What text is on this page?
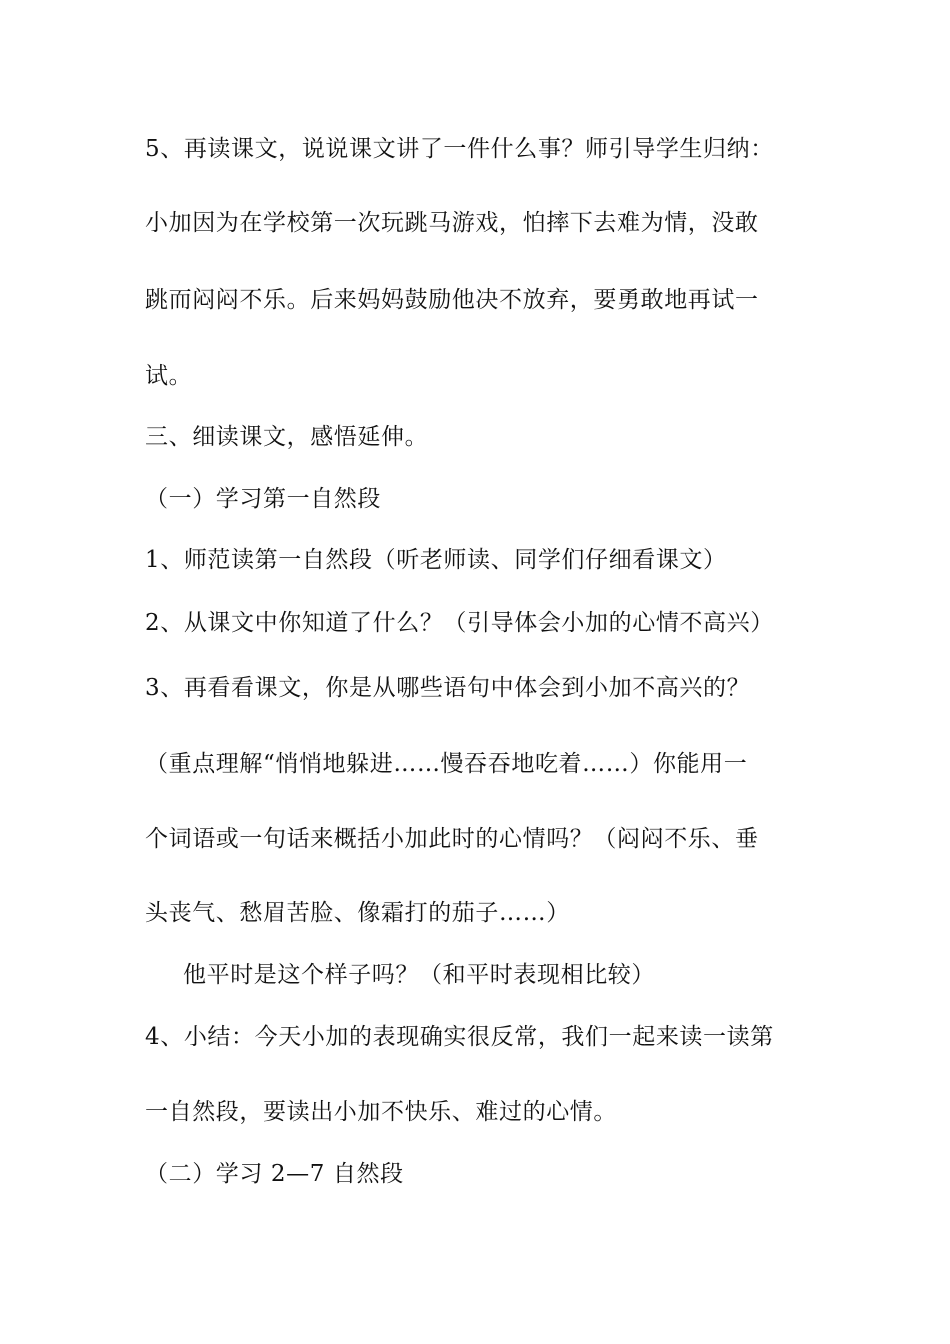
5、再读课文，说说课文讲了一件什么事？师引导学生归纳：
小加因为在学校第一次玩跳马游戏，怕摔下去难为情，没敢
跳而闷闷不乐。后来妈妈鼓励他决不放弃，要勇敢地再试一
试。
三、细读课文，感悟延伸。
（一）学习第一自然段
1、师范读第一自然段（听老师读、同学们仔细看课文）
2、从课文中你知道了什么？（引导体会小加的心情不高兴）
3、再看看课文，你是从哪些语句中体会到小加不高兴的？
（重点理解“悄悄地躲进……慢吞吞地吃着……）你能用一
个词语或一句话来概括小加此时的心情吗？（闷闷不乐、垂
头丧气、愁眉苦脸、像霜打的茄子……）
他平时是这个样子吗？（和平时表现相比较）
4、小结：今天小加的表现确实很反常，我们一起来读一读第
一自然段，要读出小加不快乐、难过的心情。
（二）学习 2—7 自然段
